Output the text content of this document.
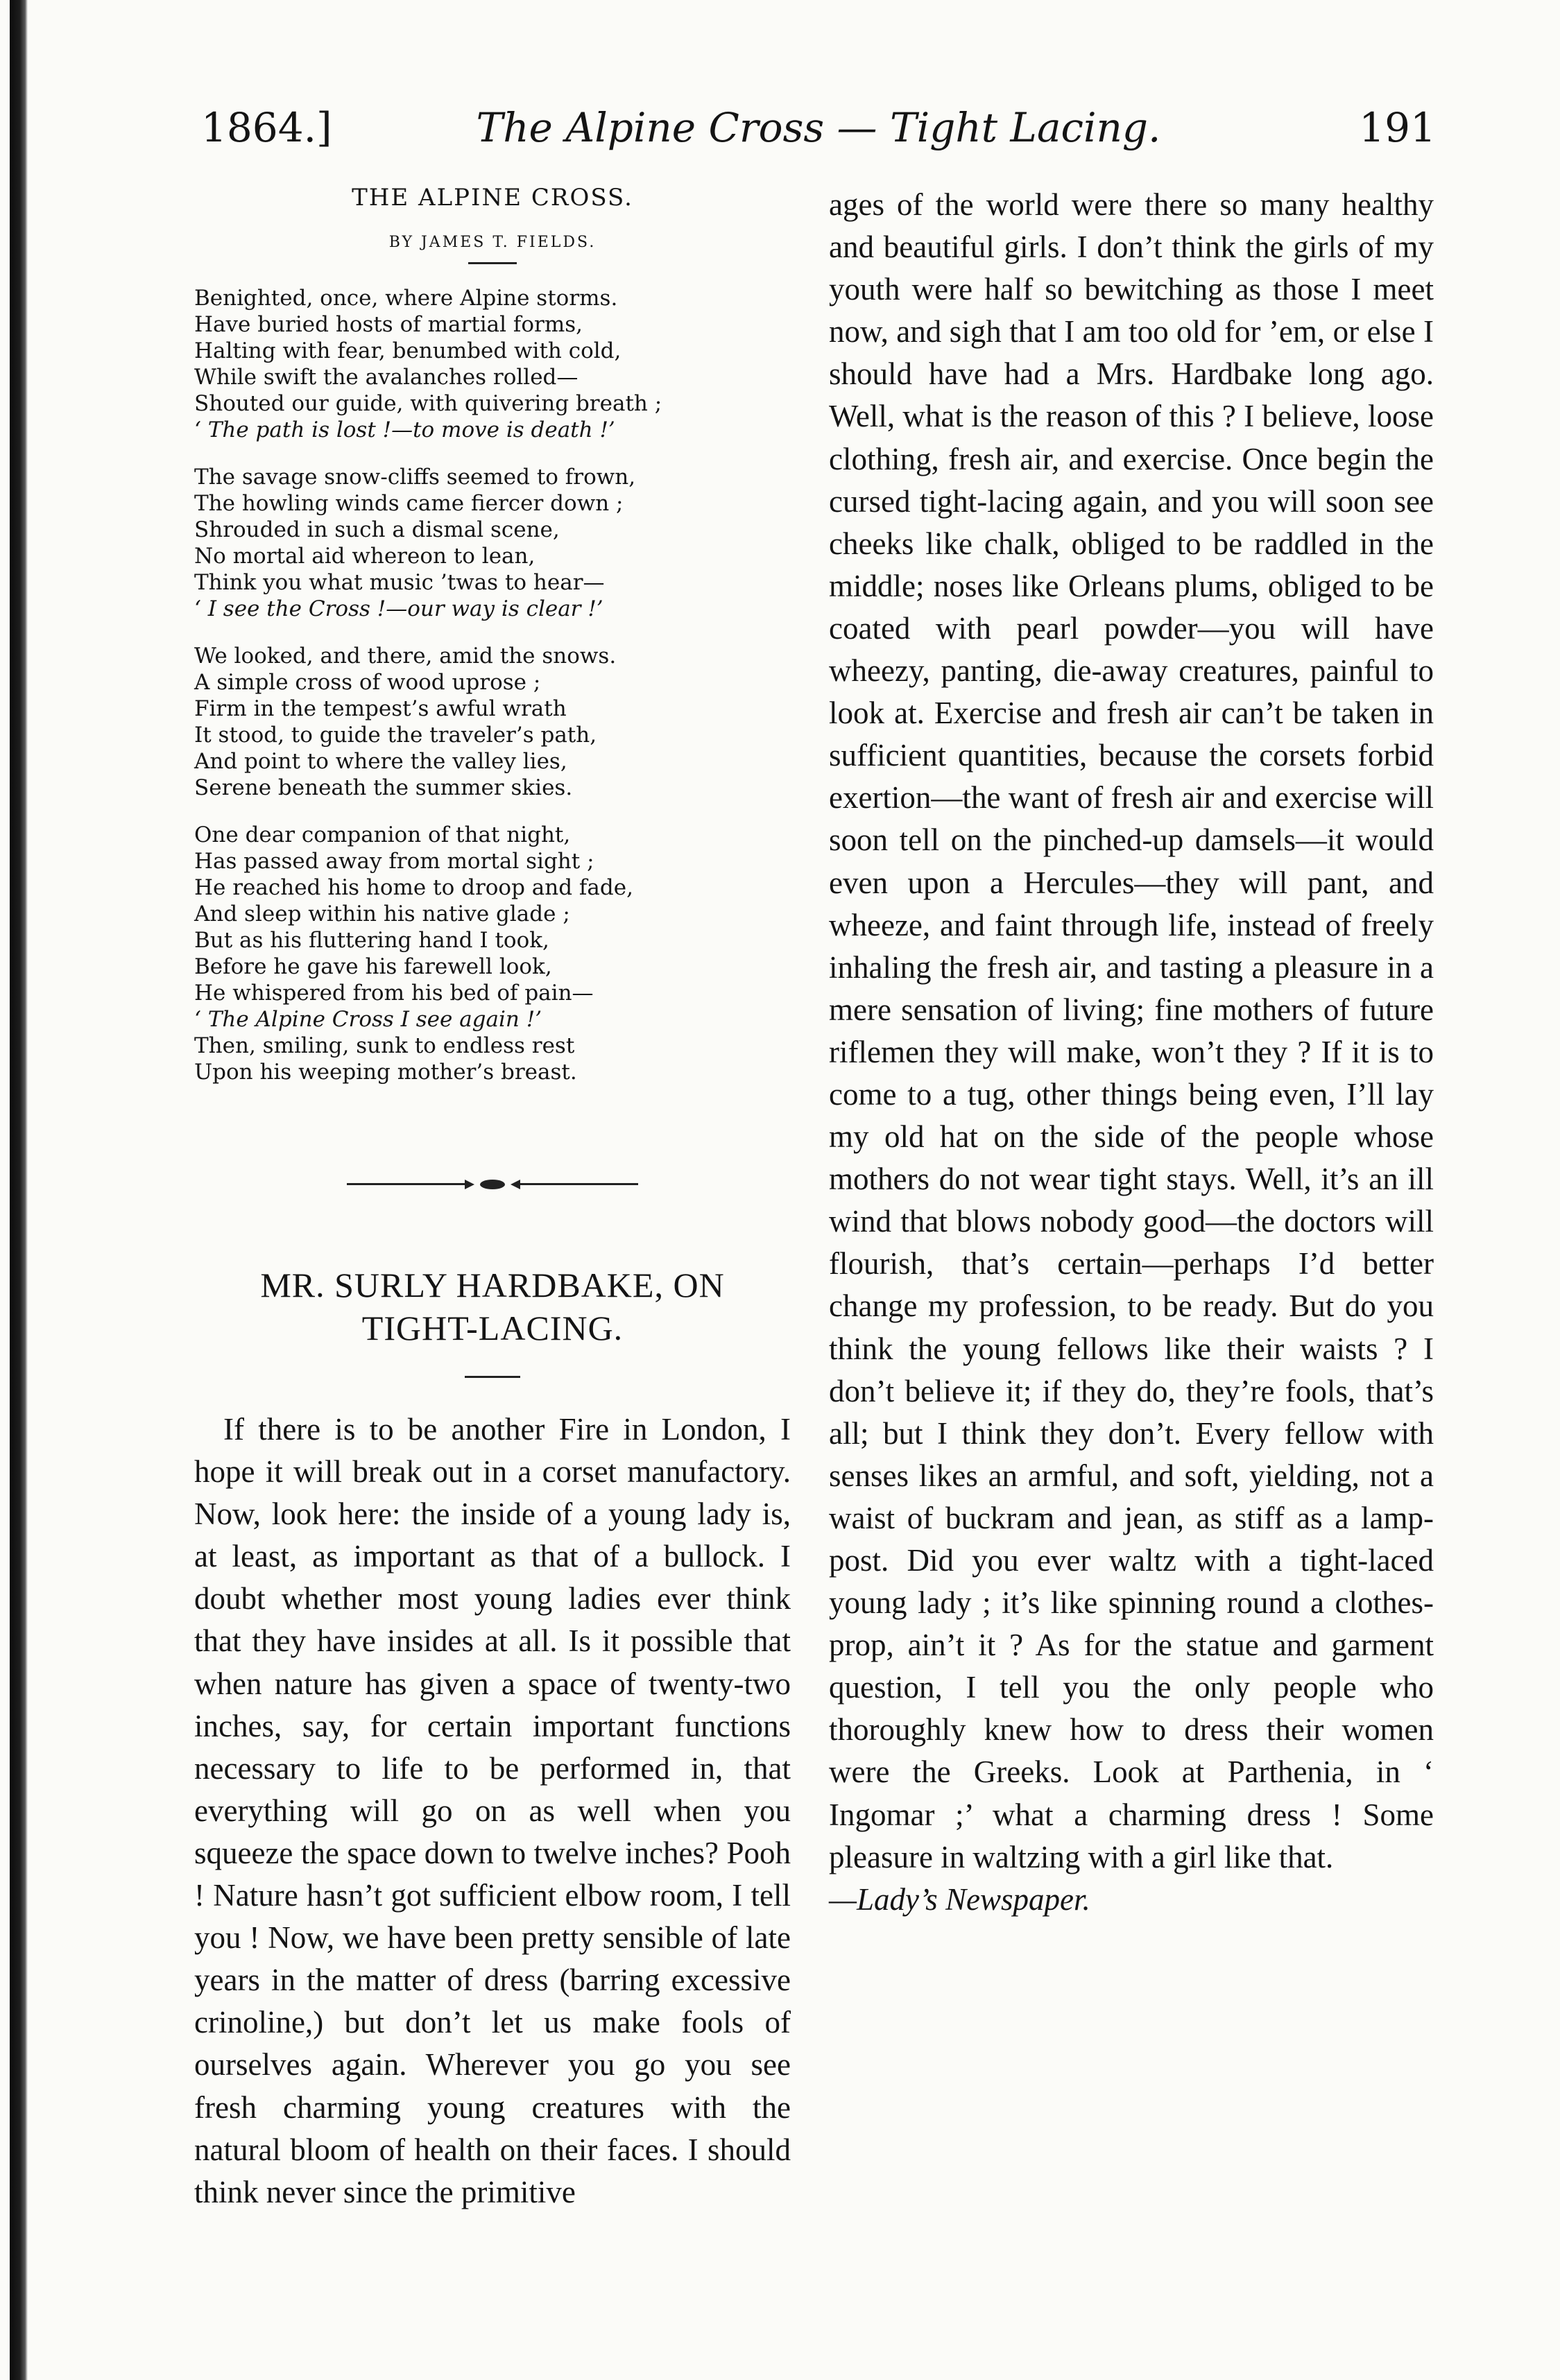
1864.]	The Alpine Cross — Tight Lacing.	191
THE ALPINE CROSS.
BY JAMES T. FIELDS.
Benighted, once, where Alpine storms.
Have buried hosts of martial forms,
Halting with fear, benumbed with cold,
While swift the avalanches rolled—
Shouted our guide, with quivering breath ;
‘ The path is lost !—to move is death !’
The savage snow-cliffs seemed to frown,
The howling winds came fiercer down ;
Shrouded in such a dismal scene,
No mortal aid whereon to lean,
Think you what music ’twas to hear—
‘ I see the Cross !—our way is clear !’
We looked, and there, amid the snows.
A simple cross of wood uprose ;
Firm in the tempest’s awful wrath
It stood, to guide the traveler’s path,
And point to where the valley lies,
Serene beneath the summer skies.
One dear companion of that night,
Has passed away from mortal sight ;
He reached his home to droop and fade,
And sleep within his native glade ;
But as his fluttering hand I took,
Before he gave his farewell look,
He whispered from his bed of pain—
‘ The Alpine Cross I see again !’
Then, smiling, sunk to endless rest
Upon his weeping mother’s breast.
MR. SURLY HARDBAKE, ON
TIGHT-LACING.
If there is to be another Fire in London, I hope it will break out in a corset manufactory. Now, look here: the inside of a young lady is, at least, as important as that of a bullock. I doubt whether most young ladies ever think that they have insides at all. Is it possible that when nature has given a space of twenty-two inches, say, for certain important functions necessary to life to be performed in, that everything will go on as well when you squeeze the space down to twelve inches? Pooh ! Nature hasn’t got sufficient elbow room, I tell you ! Now, we have been pretty sensible of late years in the matter of dress (barring excessive crinoline,) but don’t let us make fools of ourselves again. Wherever you go you see fresh charming young creatures with the natural bloom of health on their faces. I should think never since the primitive
ages of the world were there so many healthy and beautiful girls. I don’t think the girls of my youth were half so bewitching as those I meet now, and sigh that I am too old for ’em, or else I should have had a Mrs. Hardbake long ago. Well, what is the reason of this ? I believe, loose clothing, fresh air, and exercise. Once begin the cursed tight-lacing again, and you will soon see cheeks like chalk, obliged to be raddled in the middle; noses like Orleans plums, obliged to be coated with pearl powder—you will have wheezy, panting, die-away creatures, painful to look at. Exercise and fresh air can’t be taken in sufficient quantities, because the corsets forbid exertion—the want of fresh air and exercise will soon tell on the pinched-up damsels—it would even upon a Hercules—they will pant, and wheeze, and faint through life, instead of freely inhaling the fresh air, and tasting a pleasure in a mere sensation of living; fine mothers of future riflemen they will make, won’t they ? If it is to come to a tug, other things being even, I’ll lay my old hat on the side of the people whose mothers do not wear tight stays. Well, it’s an ill wind that blows nobody good—the doctors will flourish, that’s certain—perhaps I’d better change my profession, to be ready. But do you think the young fellows like their waists ? I don’t believe it; if they do, they’re fools, that’s all; but I think they don’t. Every fellow with senses likes an armful, and soft, yielding, not a waist of buckram and jean, as stiff as a lamp-post. Did you ever waltz with a tight-laced young lady ; it’s like spinning round a clothes-prop, ain’t it ? As for the statue and garment question, I tell you the only people who thoroughly knew how to dress their women were the Greeks. Look at Parthenia, in ‘ Ingomar ;’ what a charming dress ! Some pleasure in waltzing with a girl like that.
—Lady’s Newspaper.
